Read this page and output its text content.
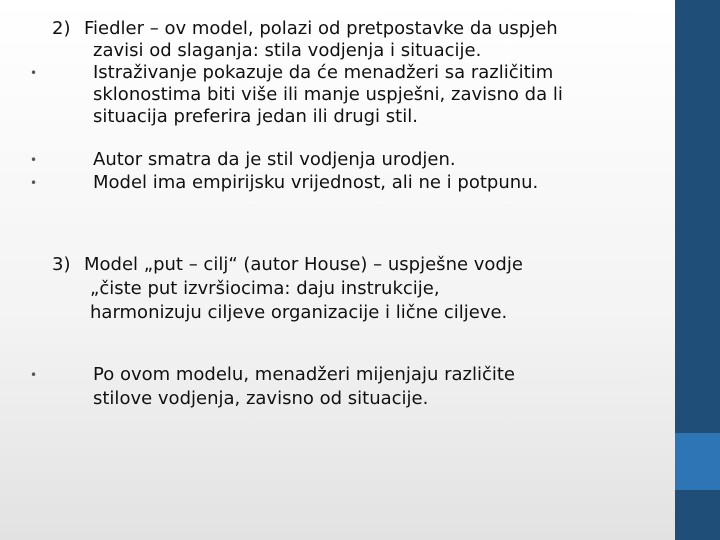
2) Fiedler – ov model, polazi od pretpostavke da uspjeh
zavisi od slaganja: stila vodjenja i situacije.
•	Istraživanje pokazuje da će menadžeri sa različitim
sklonostima biti više ili manje uspješni, zavisno da li
situacija preferira jedan ili drugi stil.
•	Autor smatra da je stil vodjenja urodjen.
•	Model ima empirijsku vrijednost, ali ne i potpunu.
3) Model „put – cilj“ (autor House) – uspješne vodje
„čiste put izvršiocima: daju instrukcije,
harmonizuju ciljeve organizacije i lične ciljeve.
•	Po ovom modelu, menadžeri mijenjaju različite
stilove vodjenja, zavisno od situacije.
